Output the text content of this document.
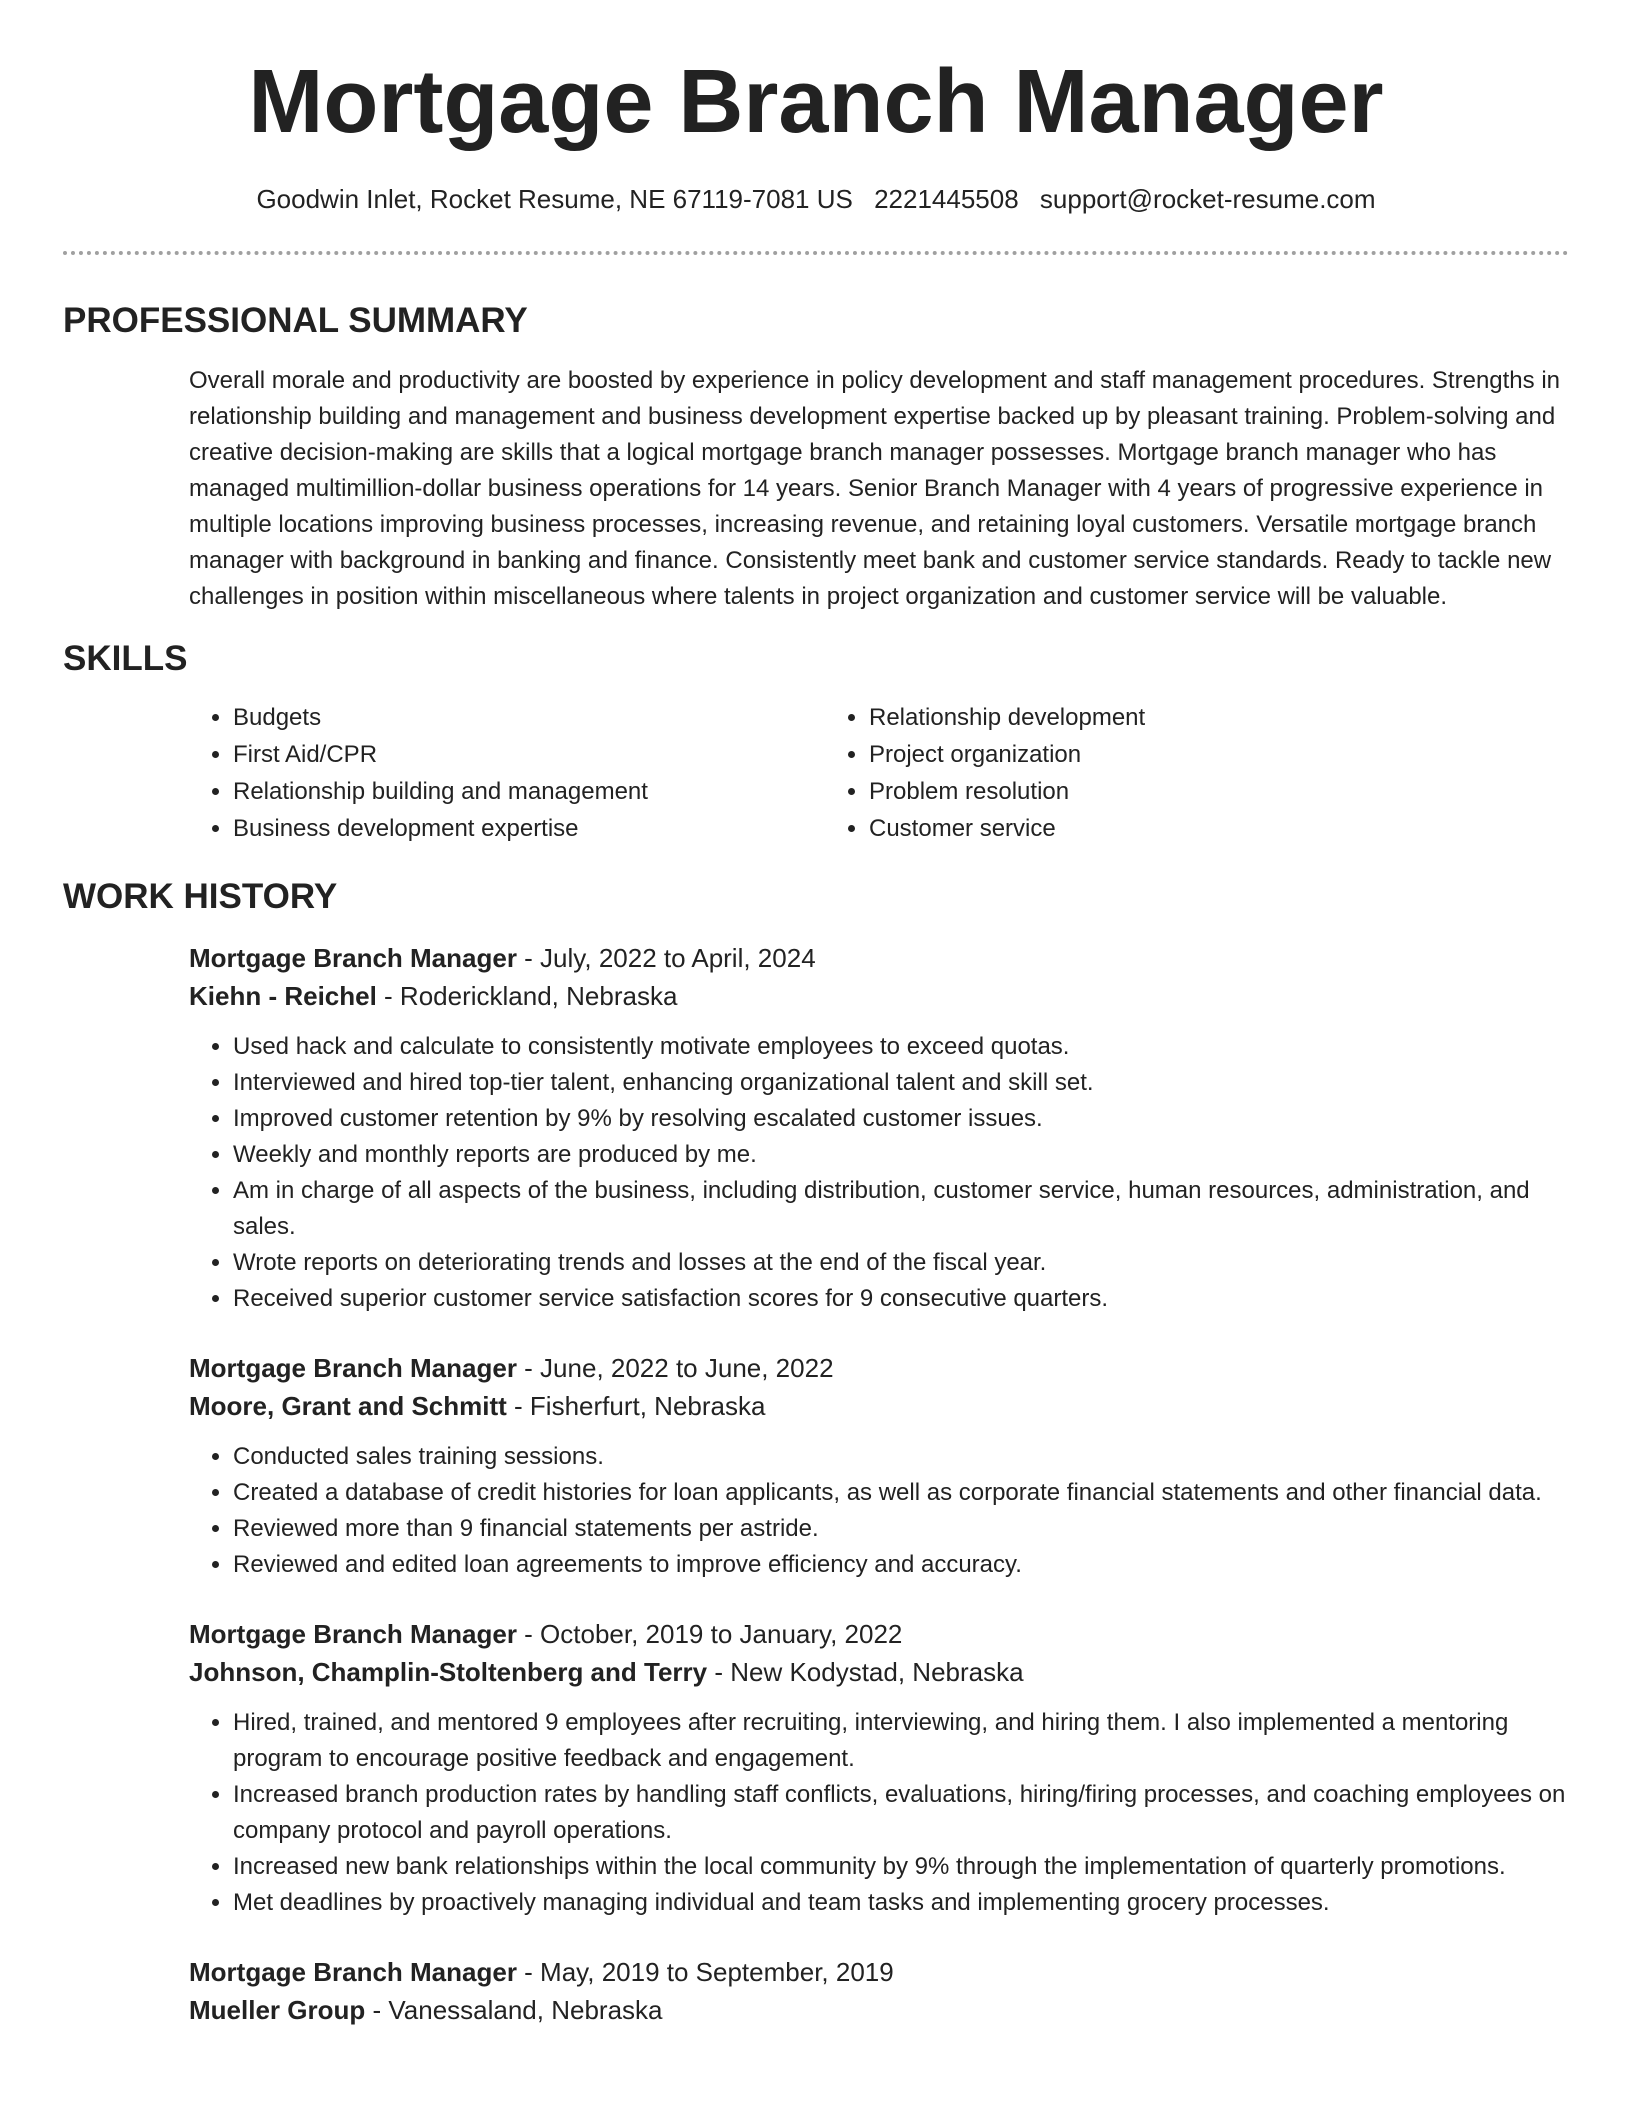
Mortgage Branch Manager
Goodwin Inlet, Rocket Resume, NE 67119-7081 US 2221445508 support@rocket-resume.com
PROFESSIONAL SUMMARY

Overall morale and productivity are boosted by experience in policy development and staff management procedures. Strengths in relationship building and management and business development expertise backed up by pleasant training. Problem-solving and creative decision-making are skills that a logical mortgage branch manager possesses. Mortgage branch manager who has managed multimillion-dollar business operations for 14 years. Senior Branch Manager with 4 years of progressive experience in multiple locations improving business processes, increasing revenue, and retaining loyal customers. Versatile mortgage branch manager with background in banking and finance. Consistently meet bank and customer service standards. Ready to tackle new challenges in position within miscellaneous where talents in project organization and customer service will be valuable.

SKILLS
• Budgets
• First Aid/CPR
• Relationship building and management
• Business development expertise
• Relationship development
• Project organization
• Problem resolution
• Customer service
WORK HISTORY

Mortgage Branch Manager - July, 2022 to April, 2024

Kiehn - Reichel - Roderickland, Nebraska

• Used hack and calculate to consistently motivate employees to exceed quotas.
• Interviewed and hired top-tier talent, enhancing organizational talent and skill set.
• Improved customer retention by 9% by resolving escalated customer issues.
• Weekly and monthly reports are produced by me.
• Am in charge of all aspects of the business, including distribution, customer service, human resources, administration, and sales.
• Wrote reports on deteriorating trends and losses at the end of the fiscal year.
• Received superior customer service satisfaction scores for 9 consecutive quarters.

Mortgage Branch Manager - June, 2022 to June, 2022

Moore, Grant and Schmitt - Fisherfurt, Nebraska

• Conducted sales training sessions.
• Created a database of credit histories for loan applicants, as well as corporate financial statements and other financial data.
• Reviewed more than 9 financial statements per astride.
• Reviewed and edited loan agreements to improve efficiency and accuracy.

Mortgage Branch Manager - October, 2019 to January, 2022

Johnson, Champlin-Stoltenberg and Terry - New Kodystad, Nebraska

• Hired, trained, and mentored 9 employees after recruiting, interviewing, and hiring them. I also implemented a mentoring program to encourage positive feedback and engagement.
• Increased branch production rates by handling staff conflicts, evaluations, hiring/firing processes, and coaching employees on company protocol and payroll operations.
• Increased new bank relationships within the local community by 9% through the implementation of quarterly promotions.
• Met deadlines by proactively managing individual and team tasks and implementing grocery processes.

Mortgage Branch Manager - May, 2019 to September, 2019

Mueller Group - Vanessaland, Nebraska
